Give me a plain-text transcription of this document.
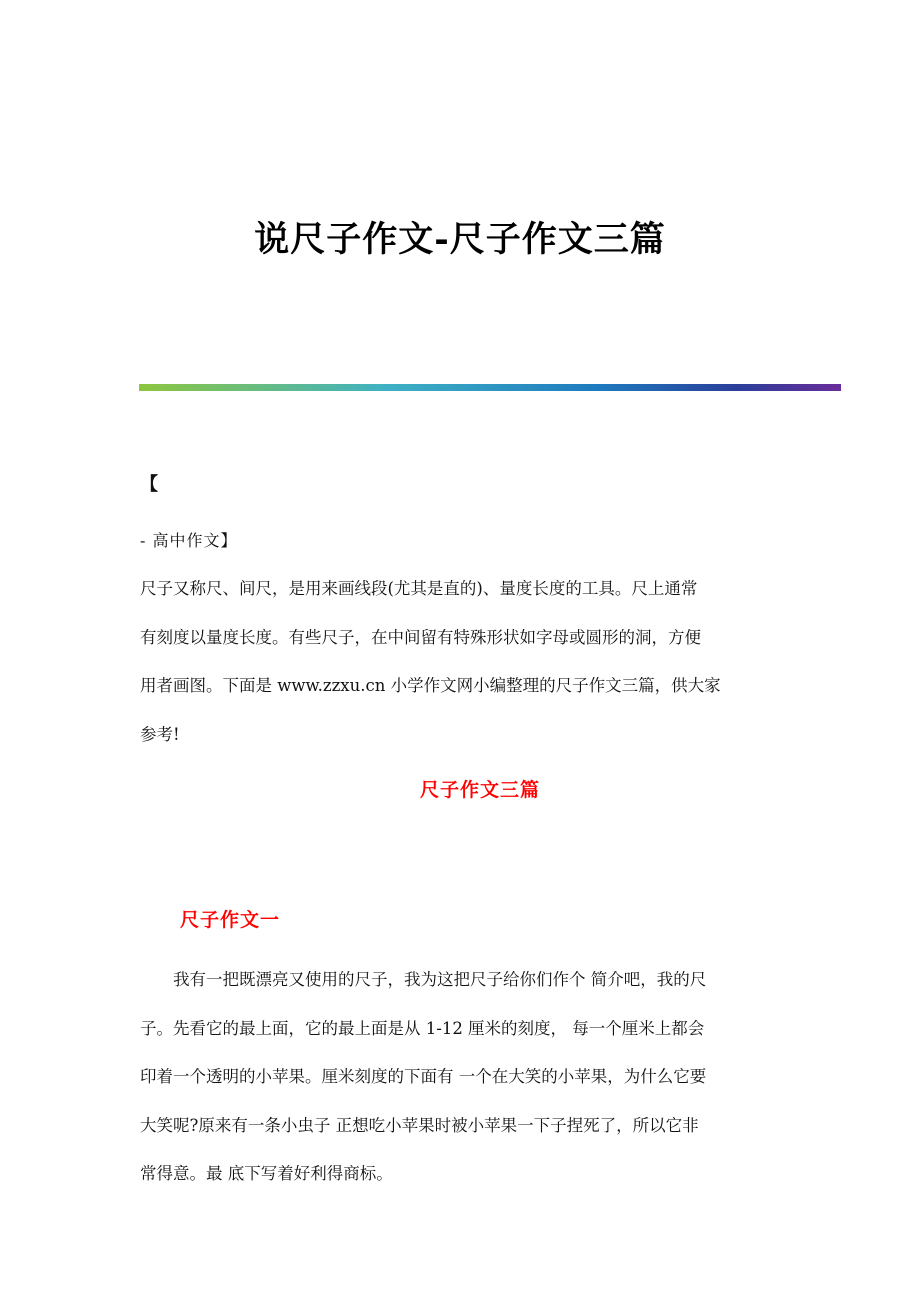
说尺子作文-尺子作文三篇

【

- 高中作文】

尺子又称尺、间尺，是用来画线段(尤其是直的)、量度长度的工具。尺上通常
有刻度以量度长度。有些尺子，在中间留有特殊形状如字母或圆形的洞，方便
用者画图。下面是 www.zzxu.cn 小学作文网小编整理的尺子作文三篇，供大家
参考!
尺子作文三篇
尺子作文一
　　我有一把既漂亮又使用的尺子，我为这把尺子给你们作个 简介吧，我的尺
子。先看它的最上面，它的最上面是从 1-12 厘米的刻度， 每一个厘米上都会
印着一个透明的小苹果。厘米刻度的下面有 一个在大笑的小苹果，为什么它要
大笑呢?原来有一条小虫子 正想吃小苹果时被小苹果一下子捏死了，所以它非
常得意。最 底下写着好利得商标。
